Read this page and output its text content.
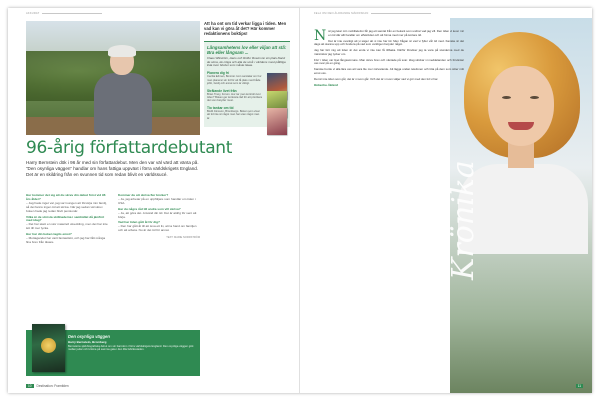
AKKURAT
Att ha ont om tid verkar ligga i tiden. Men vad kan vi göra åt det? Här kommer redaktionens boktips!
Långsamhetens lov eller viljan att stå: Bra eller långsam ...
Claes Wikström, Hans och Rolfur Rosén tar sin plats bland de stora, de roliga och alla de små: i världens mest pålitliga lista över böcker som måste läsas.
Planera dig fri
Cecilia Edman, Bonnier. Hon samtalar om hur man planerar sin tid för att få plats med både jobb, familj och annat som är viktigt.
Strålande livet från
Brian Tracy, Forum. Hur tar man kontroll över tiden? Boken ger konkreta råd för att prioritera det som betyder mest.
Tio tankar om tid
Bodil Jönsson, Brombergs. Boken som visar att tid inte är något man har utan något man är.
96-årig författardebutant
Harry Bernstein dök i 96 år med sin författardebut. Men den var väl värd att vänta på. ”Den osynliga väggen” handlar om hans fattiga uppväxt i förra världskrigets England. Det är en skildring från en svunnen tid som redan blivit en världssucé.
Hur kommer det sig att du skrev din debut först vid 96 års ålder?
– Jag hade inget val, jag var tvungen att försörja min familj, så det fanns ingen tid att skriva. När jag sedan väl skrev boken hade jag redan blivit pensionär.
Vilka är de största skillnaderna i samhället då jämfört med idag?
– Det har skett en stor materiell utveckling, men det har inte lett till mer lycka.
Hur har din boken tagits emot?
– Mottagandet har varit fantastiskt, och jag har fått många fina brev från läsare.
Kommer du att skriva fler böcker?
– Ja, jag arbetar på en uppföljare som handlar om tiden i USA.
Har du några råd till andra som vill skriva?
– Ja, att göra det. Använd din tid. Det är aldrig för sent att börja.
Vad har tiden gått åt för dig?
– Den har gått åt till att leva ett liv, att ta hand om familjen och att arbeta. Nu är det tid för annat.
TEXT: MARIE NORDSTRÖM
Den osynliga väggen
Harry Bernstein, Bromberg
Bernsteins självbiografiska debut om sin barndom i förra världskrigets England. Den osynliga väggen gick mellan judar och kristna på samma gata i den lilla fabriksstaden.
10 Destination: Framtiden
FELA OM DEN ÅLDRANDE MÄNNISKAN
Krönika

När jag letar min mobiltelefon får jag ett samtal från en bekant som undrar vad jag vill. Den tiden vi lever i är en tid där allt handlar om effektivitet och att hinna med mer på kortare tid.

Det är inte ovanligt att vi säger att vi inte har tid. Men frågan är vad vi fyller vår tid med. Kanske är det dags att stanna upp och fundera på vad som verkligen betyder något.

Jag har lärt mig att tiden är det enda vi inte kan få tillbaka. Därför försöker jag ta vara på stunderna med de människor jag tycker om.

Förr i tiden var livet långsammare. Man skrev brev och väntade på svar. Idag skickar vi meddelanden och förväntar oss svar på en gång.

Kanske borde vi alla lära oss att vara lite mer närvarande. Att lägga undan telefonen och titta på dem som sitter mitt emot oss.

Det är inte tiden som går, det är vi som går. Och det är vi som väljer vad vi gör med den tid vi har.

Rebecka Åkland
11
